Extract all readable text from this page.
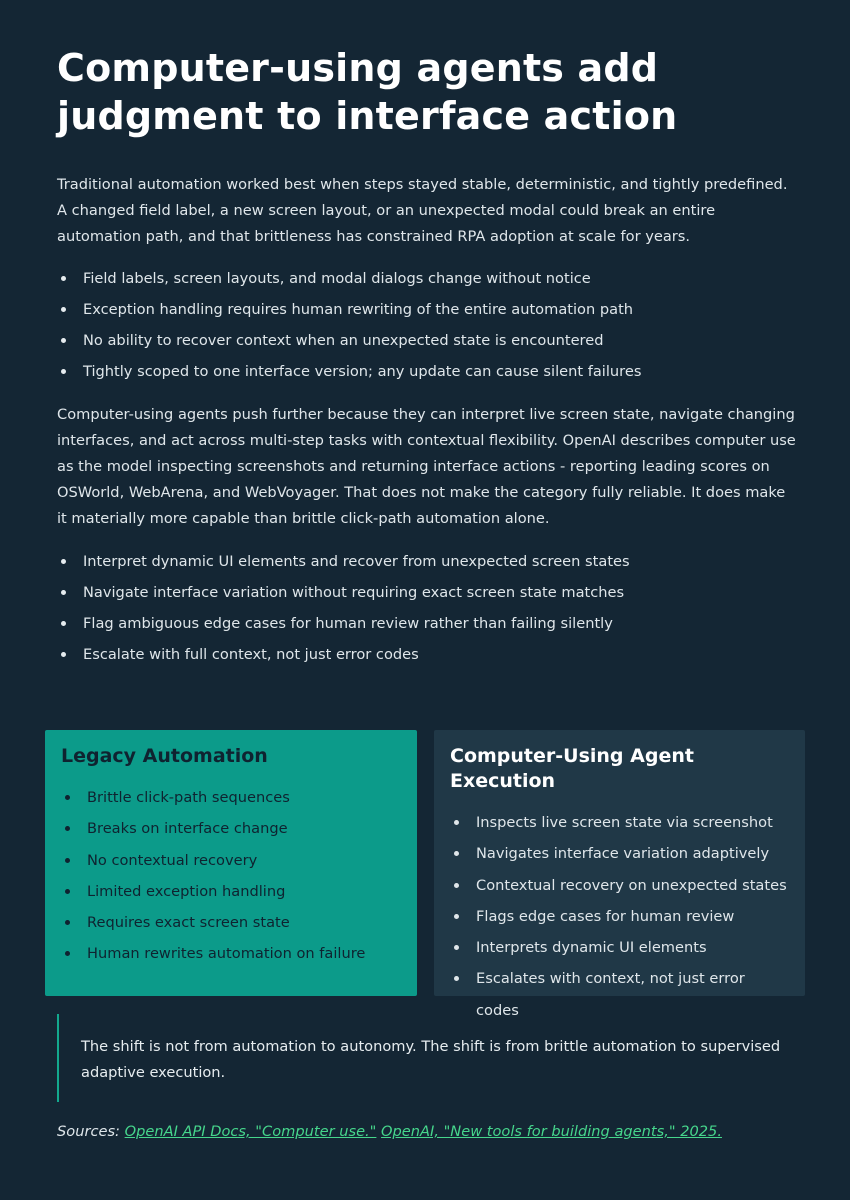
Computer-using agents add judgment to interface action

Traditional automation worked best when steps stayed stable, deterministic, and tightly predefined. A changed field label, a new screen layout, or an unexpected modal could break an entire automation path, and that brittleness has constrained RPA adoption at scale for years.

Field labels, screen layouts, and modal dialogs change without notice
Exception handling requires human rewriting of the entire automation path
No ability to recover context when an unexpected state is encountered
Tightly scoped to one interface version; any update can cause silent failures

Computer-using agents push further because they can interpret live screen state, navigate changing interfaces, and act across multi-step tasks with contextual flexibility. OpenAI describes computer use as the model inspecting screenshots and returning interface actions - reporting leading scores on OSWorld, WebArena, and WebVoyager. That does not make the category fully reliable. It does make it materially more capable than brittle click-path automation alone.

Interpret dynamic UI elements and recover from unexpected screen states
Navigate interface variation without requiring exact screen state matches
Flag ambiguous edge cases for human review rather than failing silently
Escalate with full context, not just error codes
Legacy Automation
Brittle click-path sequences
Breaks on interface change
No contextual recovery
Limited exception handling
Requires exact screen state
Human rewrites automation on failure
Computer-Using Agent Execution
Inspects live screen state via screenshot
Navigates interface variation adaptively
Contextual recovery on unexpected states
Flags edge cases for human review
Interprets dynamic UI elements
Escalates with context, not just error codes
The shift is not from automation to autonomy. The shift is from brittle automation to supervised adaptive execution.

Sources: OpenAI API Docs, "Computer use." OpenAI, "New tools for building agents," 2025.
